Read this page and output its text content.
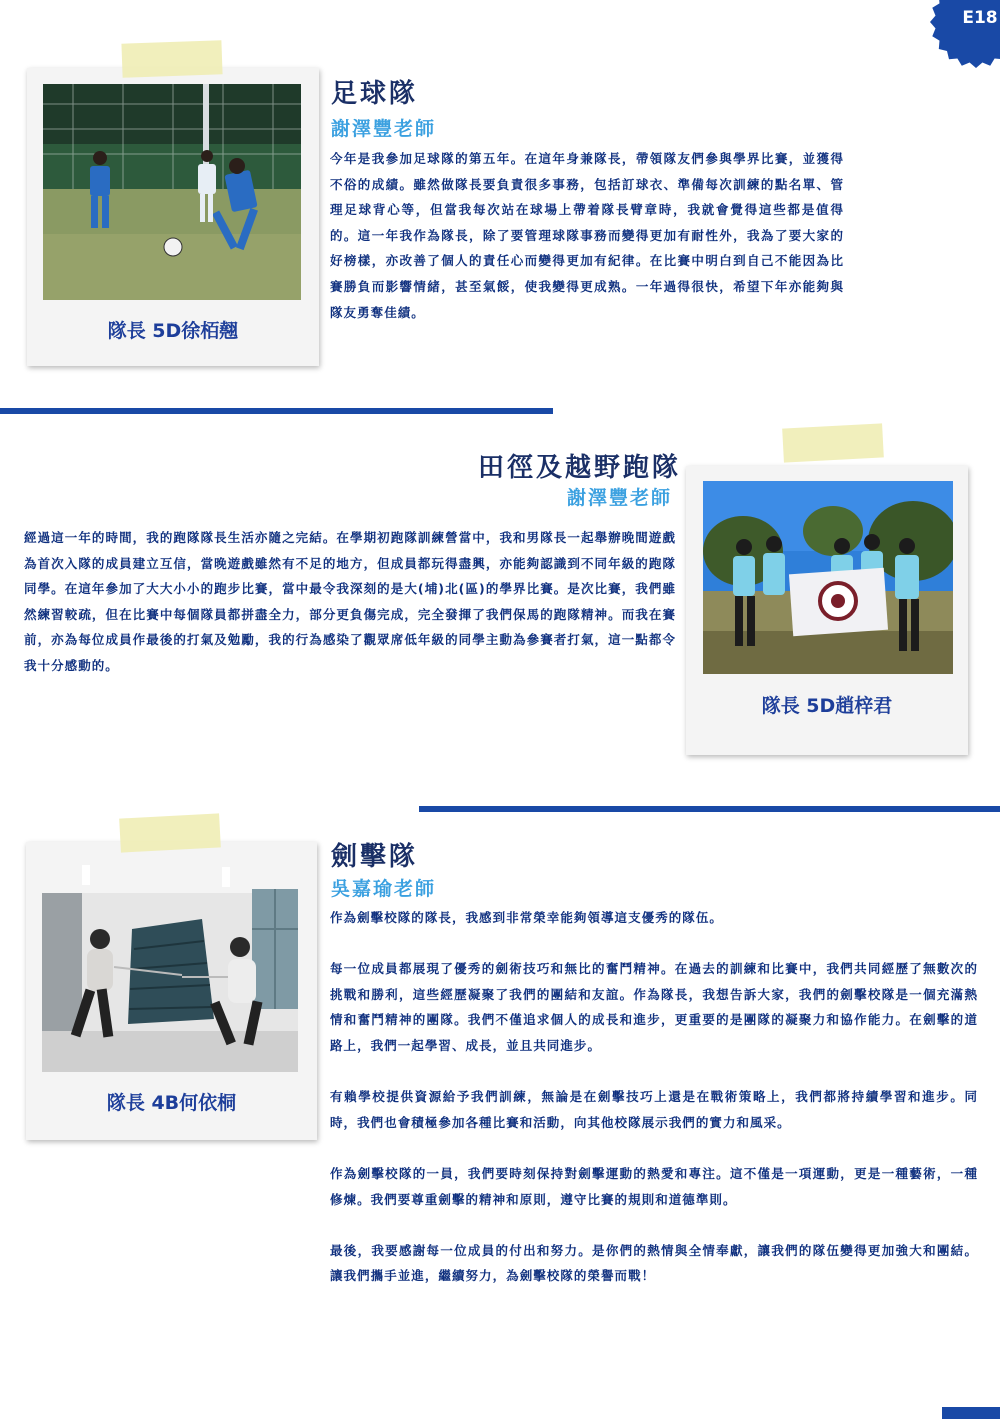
E18
隊長 5D徐栢翹
足球隊
謝澤豐老師

今年是我參加足球隊的第五年。在這年身兼隊長，帶領隊友們參與學界比賽，並獲得不俗的成績。雖然做隊長要負責很多事務，包括訂球衣、準備每次訓練的點名單、管理足球背心等，但當我每次站在球場上帶着隊長臂章時，我就會覺得這些都是值得的。這一年我作為隊長，除了要管理球隊事務而變得更加有耐性外，我為了要大家的好榜樣，亦改善了個人的責任心而變得更加有紀律。在比賽中明白到自己不能因為比賽勝負而影響情緒，甚至氣餒，使我變得更成熟。一年過得很快，希望下年亦能夠與隊友勇奪佳績。

田徑及越野跑隊
謝澤豐老師

經過這一年的時間，我的跑隊隊長生活亦隨之完結。在學期初跑隊訓練營當中，我和男隊長一起舉辦晚間遊戲為首次入隊的成員建立互信，當晚遊戲雖然有不足的地方，但成員都玩得盡興，亦能夠認識到不同年級的跑隊同學。在這年參加了大大小小的跑步比賽，當中最令我深刻的是大(埔)北(區)的學界比賽。是次比賽，我們雖然練習較疏，但在比賽中每個隊員都拼盡全力，部分更負傷完成，完全發揮了我們保馬的跑隊精神。而我在賽前，亦為每位成員作最後的打氣及勉勵，我的行為感染了觀眾席低年級的同學主動為參賽者打氣，這一點都令我十分感動的。

隊長 5D趙梓君
隊長 4B何依桐
劍擊隊
吳嘉瑜老師

作為劍擊校隊的隊長，我感到非常榮幸能夠領導這支優秀的隊伍。

每一位成員都展現了優秀的劍術技巧和無比的奮鬥精神。在過去的訓練和比賽中，我們共同經歷了無數次的挑戰和勝利，這些經歷凝聚了我們的團結和友誼。作為隊長，我想告訴大家，我們的劍擊校隊是一個充滿熱情和奮鬥精神的團隊。我們不僅追求個人的成長和進步，更重要的是團隊的凝聚力和協作能力。在劍擊的道路上，我們一起學習、成長，並且共同進步。

有賴學校提供資源給予我們訓練，無論是在劍擊技巧上還是在戰術策略上，我們都將持續學習和進步。同時，我們也會積極參加各種比賽和活動，向其他校隊展示我們的實力和風采。

作為劍擊校隊的一員，我們要時刻保持對劍擊運動的熱愛和專注。這不僅是一項運動，更是一種藝術，一種修煉。我們要尊重劍擊的精神和原則，遵守比賽的規則和道德準則。

最後，我要感謝每一位成員的付出和努力。是你們的熱情與全情奉獻，讓我們的隊伍變得更加強大和團結。讓我們攜手並進，繼續努力，為劍擊校隊的榮譽而戰！
